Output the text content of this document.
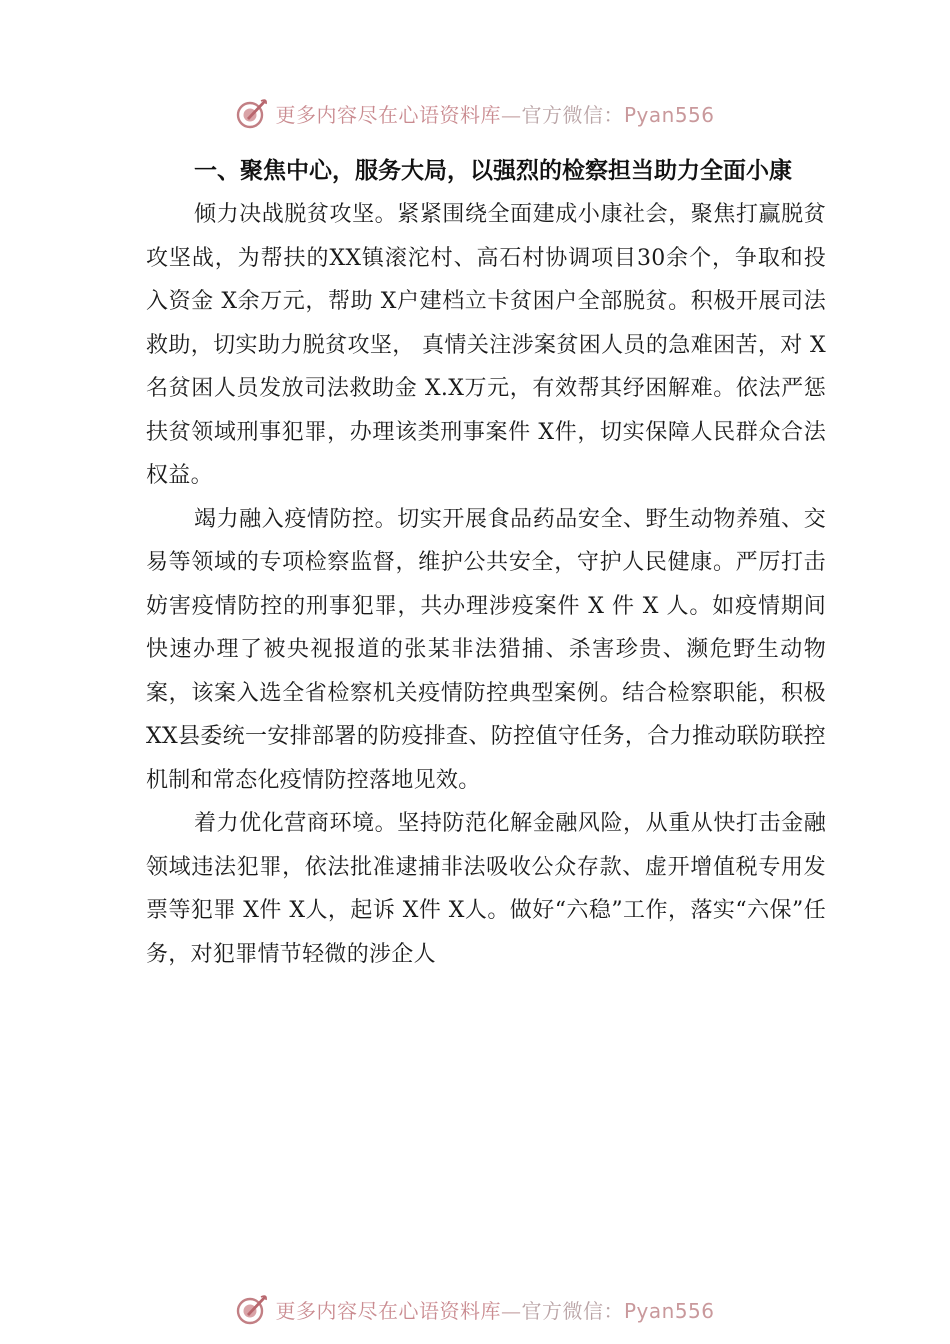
更多内容尽在心语资料库—官方微信：Pyan556

一、聚焦中心，服务大局，以强烈的检察担当助力全面小康

倾力决战脱贫攻坚。紧紧围绕全面建成小康社会，聚焦打赢脱贫攻坚战，为帮扶的XX镇滚沱村、高石村协调项目30余个，争取和投入资金 X余万元，帮助 X户建档立卡贫困户全部脱贫。积极开展司法救助，切实助力脱贫攻坚， 真情关注涉案贫困人员的急难困苦，对 X 名贫困人员发放司法救助金 X.X万元，有效帮其纾困解难。依法严惩扶贫领域刑事犯罪，办理该类刑事案件 X件，切实保障人民群众合法权益。

竭力融入疫情防控。切实开展食品药品安全、野生动物养殖、交易等领域的专项检察监督，维护公共安全，守护人民健康。严厉打击妨害疫情防控的刑事犯罪，共办理涉疫案件 X 件 X 人。如疫情期间快速办理了被央视报道的张某非法猎捕、杀害珍贵、濒危野生动物案，该案入选全省检察机关疫情防控典型案例。结合检察职能，积极XX县委统一安排部署的防疫排查、防控值守任务，合力推动联防联控机制和常态化疫情防控落地见效。

着力优化营商环境。坚持防范化解金融风险，从重从快打击金融领域违法犯罪，依法批准逮捕非法吸收公众存款、虚开增值税专用发票等犯罪 X件 X人，起诉 X件 X人。做好“六稳”工作，落实“六保”任务，对犯罪情节轻微的涉企人

更多内容尽在心语资料库—官方微信：Pyan556
